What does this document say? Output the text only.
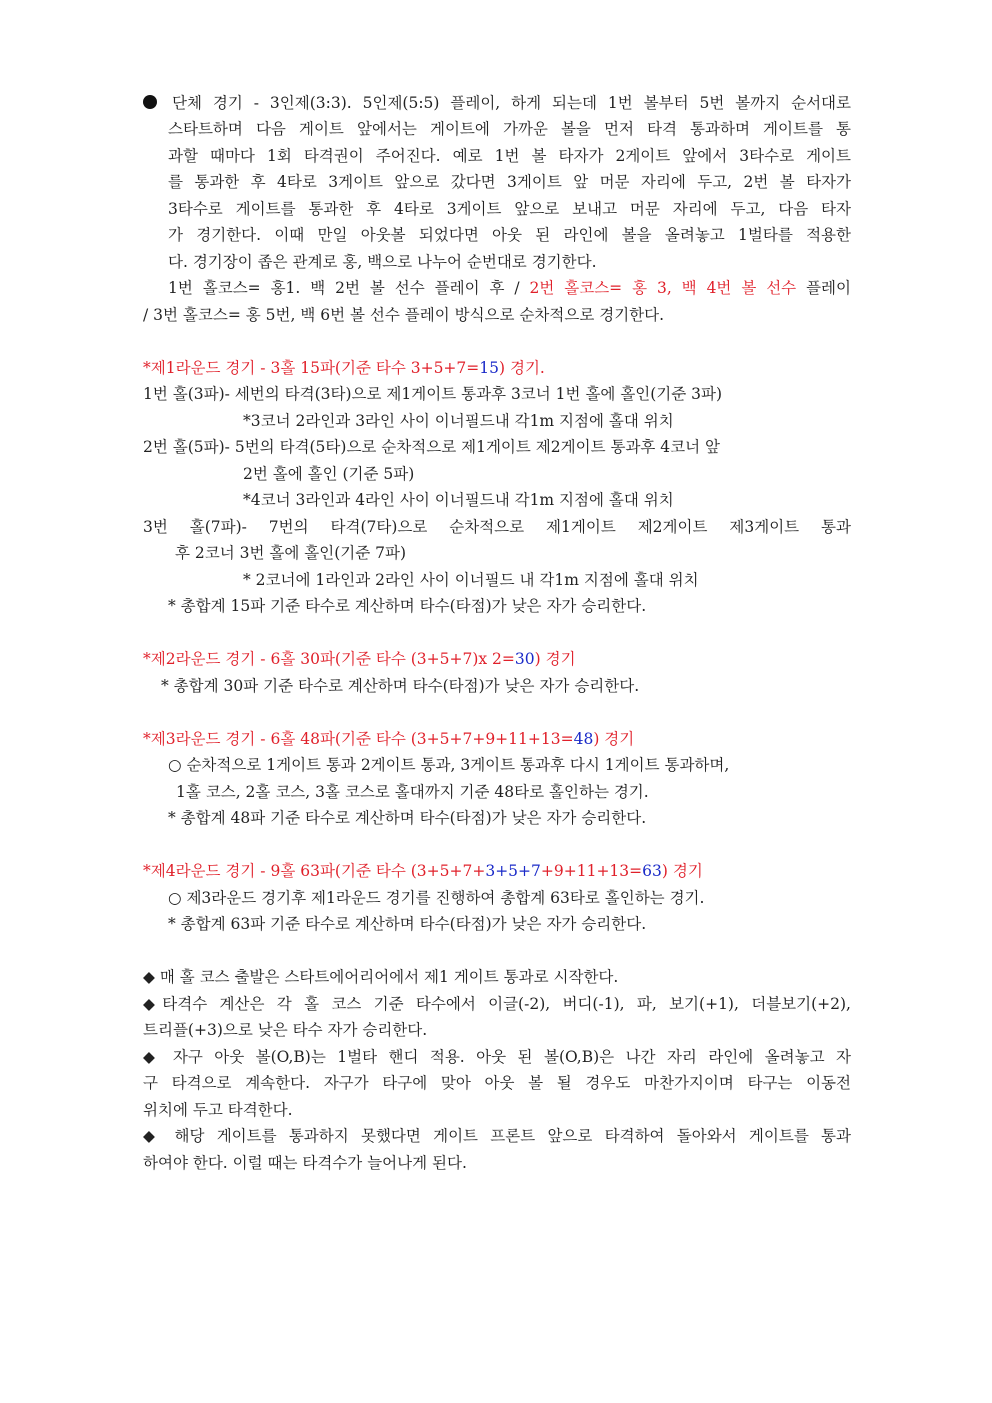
단체 경기 - 3인제(3:3). 5인제(5:5) 플레이, 하게 되는데 1번 볼부터 5번 볼까지 순서대로
스타트하며 다음 게이트 앞에서는 게이트에 가까운 볼을 먼저 타격 통과하며 게이트를 통
과할 때마다 1회 타격권이 주어진다. 예로 1번 볼 타자가 2게이트 앞에서 3타수로 게이트
를 통과한 후 4타로 3게이트 앞으로 갔다면 3게이트 앞 머문 자리에 두고, 2번 볼 타자가
3타수로 게이트를 통과한 후 4타로 3게이트 앞으로 보내고 머문 자리에 두고, 다음 타자
가 경기한다. 이때 만일 아웃볼 되었다면 아웃 된 라인에 볼을 올려놓고 1벌타를 적용한
다. 경기장이 좁은 관계로 홍, 백으로 나누어 순번대로 경기한다.
1번 홀코스= 홍1. 백 2번 볼 선수 플레이 후 / 2번 홀코스= 홍 3, 백 4번 볼 선수 플레이
/ 3번 홀코스= 홍 5번, 백 6번 볼 선수 플레이 방식으로 순차적으로 경기한다.
*제1라운드 경기 - 3홀 15파(기준 타수 3+5+7=15) 경기.
1번 홀(3파)- 세번의 타격(3타)으로 제1게이트 통과후 3코너 1번 홀에 홀인(기준 3파)
*3코너 2라인과 3라인 사이 이너필드내 각1m 지점에 홀대 위치
2번 홀(5파)- 5번의 타격(5타)으로 순차적으로 제1게이트 제2게이트 통과후 4코너 앞
2번 홀에 홀인 (기준 5파)
*4코너 3라인과 4라인 사이 이너필드내 각1m 지점에 홀대 위치
3번 홀(7파)- 7번의 타격(7타)으로 순차적으로 제1게이트 제2게이트 제3게이트 통과
후 2코너 3번 홀에 홀인(기준 7파)
* 2코너에 1라인과 2라인 사이 이너필드 내 각1m 지점에 홀대 위치
* 총합계 15파 기준 타수로 계산하며 타수(타점)가 낮은 자가 승리한다.
*제2라운드 경기 - 6홀 30파(기준 타수 (3+5+7)x 2=30) 경기
* 총합계 30파 기준 타수로 계산하며 타수(타점)가 낮은 자가 승리한다.
*제3라운드 경기 - 6홀 48파(기준 타수 (3+5+7+9+11+13=48) 경기
○ 순차적으로 1게이트 통과 2게이트 통과, 3게이트 통과후 다시 1게이트 통과하며,
1홀 코스, 2홀 코스, 3홀 코스로 홀대까지 기준 48타로 홀인하는 경기.
* 총합계 48파 기준 타수로 계산하며 타수(타점)가 낮은 자가 승리한다.
*제4라운드 경기 - 9홀 63파(기준 타수 (3+5+7+3+5+7+9+11+13=63) 경기
○ 제3라운드 경기후 제1라운드 경기를 진행하여 총합계 63타로 홀인하는 경기.
* 총합계 63파 기준 타수로 계산하며 타수(타점)가 낮은 자가 승리한다.
◆ 매 홀 코스 출발은 스타트에어리어에서 제1 게이트 통과로 시작한다.
◆타격수 계산은 각 홀 코스 기준 타수에서 이글(-2), 버디(-1), 파, 보기(+1), 더블보기(+2),
트리플(+3)으로 낮은 타수 자가 승리한다.
◆ 자구 아웃 볼(O,B)는 1벌타 핸디 적용. 아웃 된 볼(O,B)은 나간 자리 라인에 올려놓고 자
구 타격으로 계속한다. 자구가 타구에 맞아 아웃 볼 될 경우도 마찬가지이며 타구는 이동전
위치에 두고 타격한다.
◆ 해당 게이트를 통과하지 못했다면 게이트 프론트 앞으로 타격하여 돌아와서 게이트를 통과
하여야 한다. 이럴 때는 타격수가 늘어나게 된다.
